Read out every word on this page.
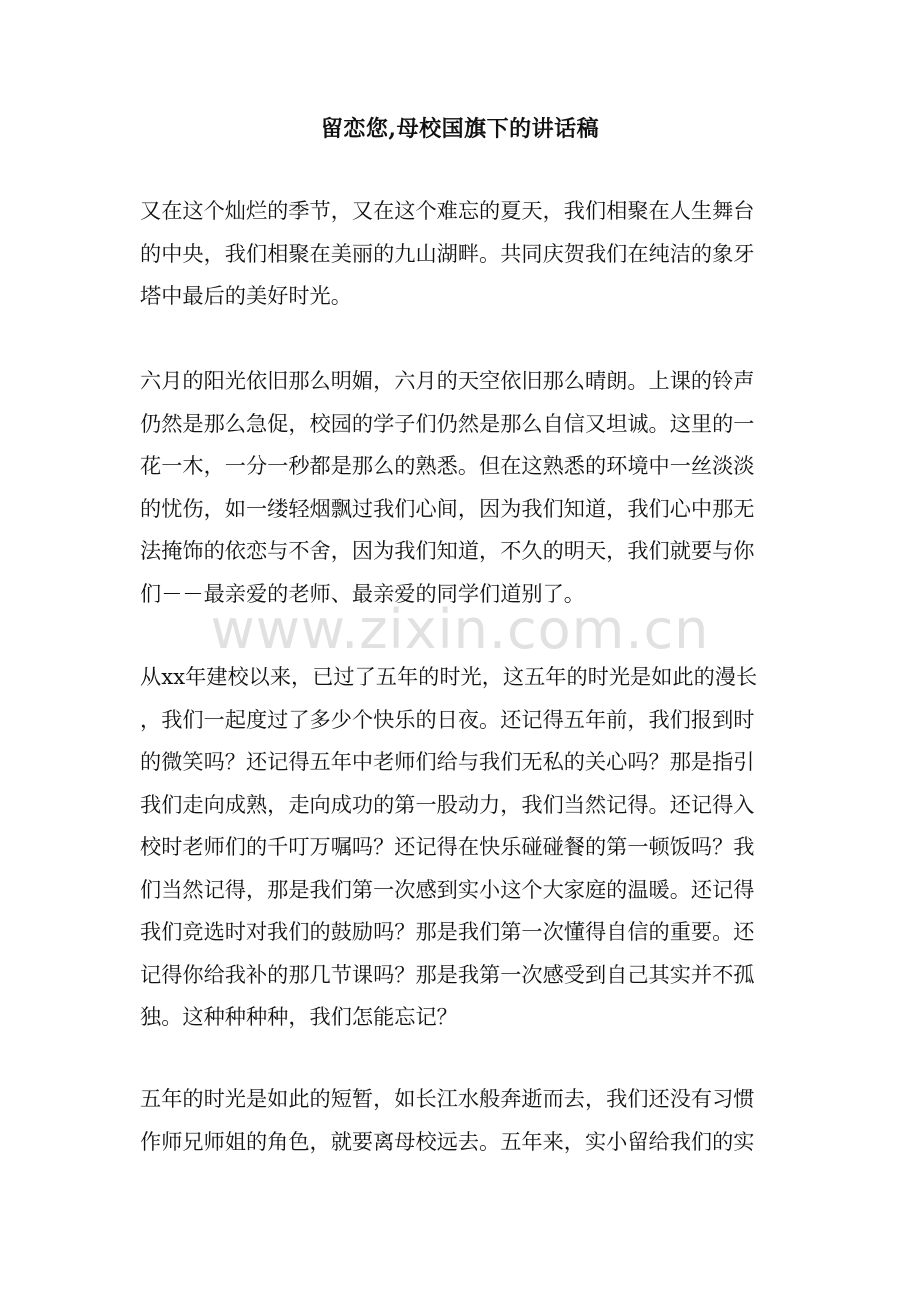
留恋您,母校国旗下的讲话稿
又在这个灿烂的季节，又在这个难忘的夏天，我们相聚在人生舞台
的中央，我们相聚在美丽的九山湖畔。共同庆贺我们在纯洁的象牙
塔中最后的美好时光。
六月的阳光依旧那么明媚，六月的天空依旧那么晴朗。上课的铃声
仍然是那么急促，校园的学子们仍然是那么自信又坦诚。这里的一
花一木，一分一秒都是那么的熟悉。但在这熟悉的环境中一丝淡淡
的忧伤，如一缕轻烟飘过我们心间，因为我们知道，我们心中那无
法掩饰的依恋与不舍，因为我们知道，不久的明天，我们就要与你
们－－最亲爱的老师、最亲爱的同学们道别了。
从xx年建校以来，已过了五年的时光，这五年的时光是如此的漫长
，我们一起度过了多少个快乐的日夜。还记得五年前，我们报到时
的微笑吗？还记得五年中老师们给与我们无私的关心吗？那是指引
我们走向成熟，走向成功的第一股动力，我们当然记得。还记得入
校时老师们的千叮万嘱吗？还记得在快乐碰碰餐的第一顿饭吗？我
们当然记得，那是我们第一次感到实小这个大家庭的温暖。还记得
我们竞选时对我们的鼓励吗？那是我们第一次懂得自信的重要。还
记得你给我补的那几节课吗？那是我第一次感受到自己其实并不孤
独。这种种种种，我们怎能忘记？
五年的时光是如此的短暂，如长江水般奔逝而去，我们还没有习惯
作师兄师姐的角色，就要离母校远去。五年来，实小留给我们的实
www.zixin.com.cn
